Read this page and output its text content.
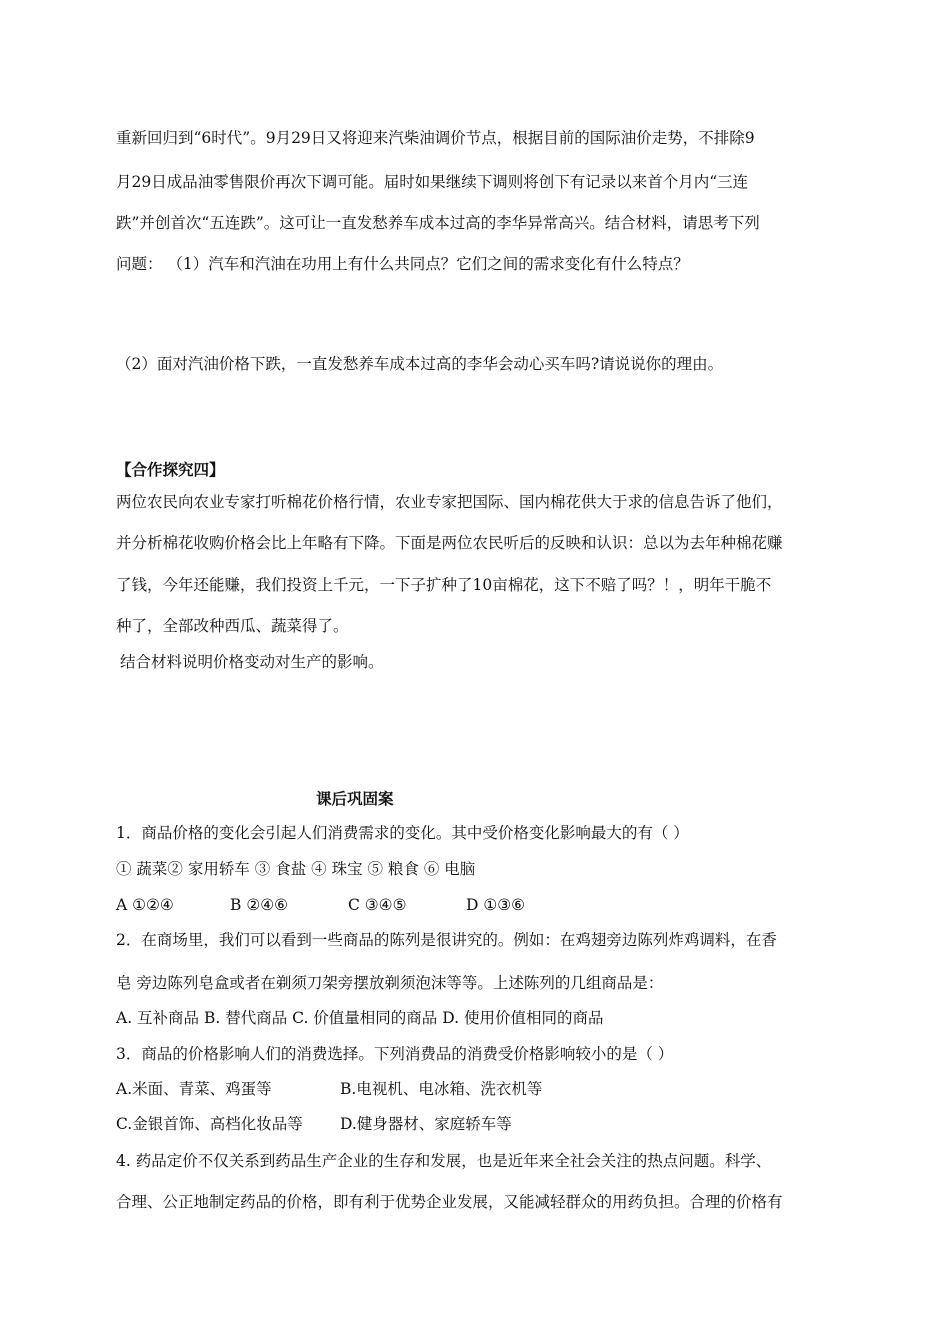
重新回归到“6时代”。9月29日又将迎来汽柴油调价节点，根据目前的国际油价走势，不排除9
月29日成品油零售限价再次下调可能。届时如果继续下调则将创下有记录以来首个月内“三连
跌”并创首次“五连跌”。这可让一直发愁养车成本过高的李华异常高兴。结合材料，请思考下列
问题： （1）汽车和汽油在功用上有什么共同点？它们之间的需求变化有什么特点？
（2）面对汽油价格下跌，一直发愁养车成本过高的李华会动心买车吗?请说说你的理由。
【合作探究四】
两位农民向农业专家打听棉花价格行情，农业专家把国际、国内棉花供大于求的信息告诉了他们，
并分析棉花收购价格会比上年略有下降。下面是两位农民听后的反映和认识：总以为去年种棉花赚
了钱，今年还能赚，我们投资上千元，一下子扩种了10亩棉花，这下不赔了吗？！，明年干脆不
种了，全部改种西瓜、蔬菜得了。
结合材料说明价格变动对生产的影响。
课后巩固案
1．商品价格的变化会引起人们消费需求的变化。其中受价格变化影响最大的有（ ）
① 蔬菜② 家用轿车 ③ 食盐 ④ 珠宝 ⑤ 粮食 ⑥ 电脑
A ①②④	B ②④⑥	C ③④⑤	D ①③⑥
2．在商场里，我们可以看到一些商品的陈列是很讲究的。例如：在鸡翅旁边陈列炸鸡调料，在香
皂 旁边陈列皂盒或者在剃须刀架旁摆放剃须泡沫等等。上述陈列的几组商品是：
A. 互补商品 B. 替代商品 C. 价值量相同的商品 D. 使用价值相同的商品
3．商品的价格影响人们的消费选择。下列消费品的消费受价格影响较小的是（ ）
A.米面、青菜、鸡蛋等	B.电视机、电冰箱、洗衣机等
C.金银首饰、高档化妆品等 D.健身器材、家庭轿车等
4. 药品定价不仅关系到药品生产企业的生存和发展，也是近年来全社会关注的热点问题。科学、
合理、公正地制定药品的价格，即有利于优势企业发展，又能减轻群众的用药负担。合理的价格有
